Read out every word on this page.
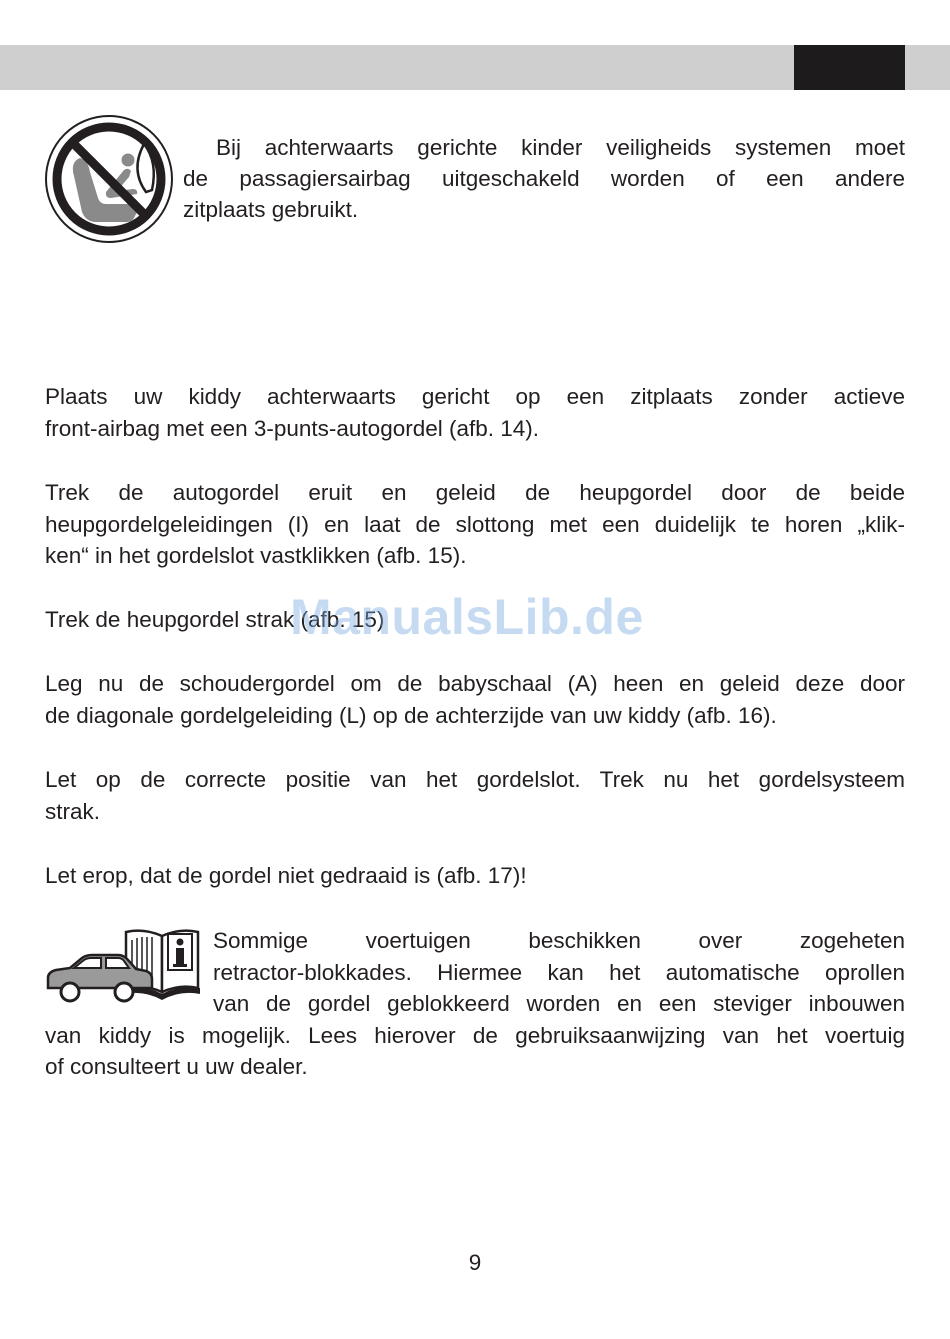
Bij achterwaarts gerichte kinder veiligheids systemen moet
de passagiersairbag uitgeschakeld worden of een andere
zitplaats gebruikt.

Plaats uw kiddy achterwaarts gericht op een zitplaats zonder actieve
front-airbag met een 3-punts-autogordel (afb. 14).

Trek de autogordel eruit en geleid de heupgordel door de beide
heupgordelgeleidingen (I) en laat de slottong met een duidelijk te horen „klik-
ken“ in het gordelslot vastklikken (afb. 15).

Trek de heupgordel strak (afb. 15)

Leg nu de schoudergordel om de babyschaal (A) heen en geleid deze door
de diagonale gordelgeleiding (L) op de achterzijde van uw kiddy (afb. 16).

Let op de correcte positie van het gordelslot. Trek nu het gordelsysteem
strak.

Let erop, dat de gordel niet gedraaid is (afb. 17)!

Sommige voertuigen beschikken over zogeheten
retractor-blokkades. Hiermee kan het automatische oprollen
van de gordel geblokkeerd worden en een steviger inbouwen
van kiddy is mogelijk. Lees hierover de gebruiksaanwijzing van het voertuig
of consulteert u uw dealer.
ManualsLib.de
9
